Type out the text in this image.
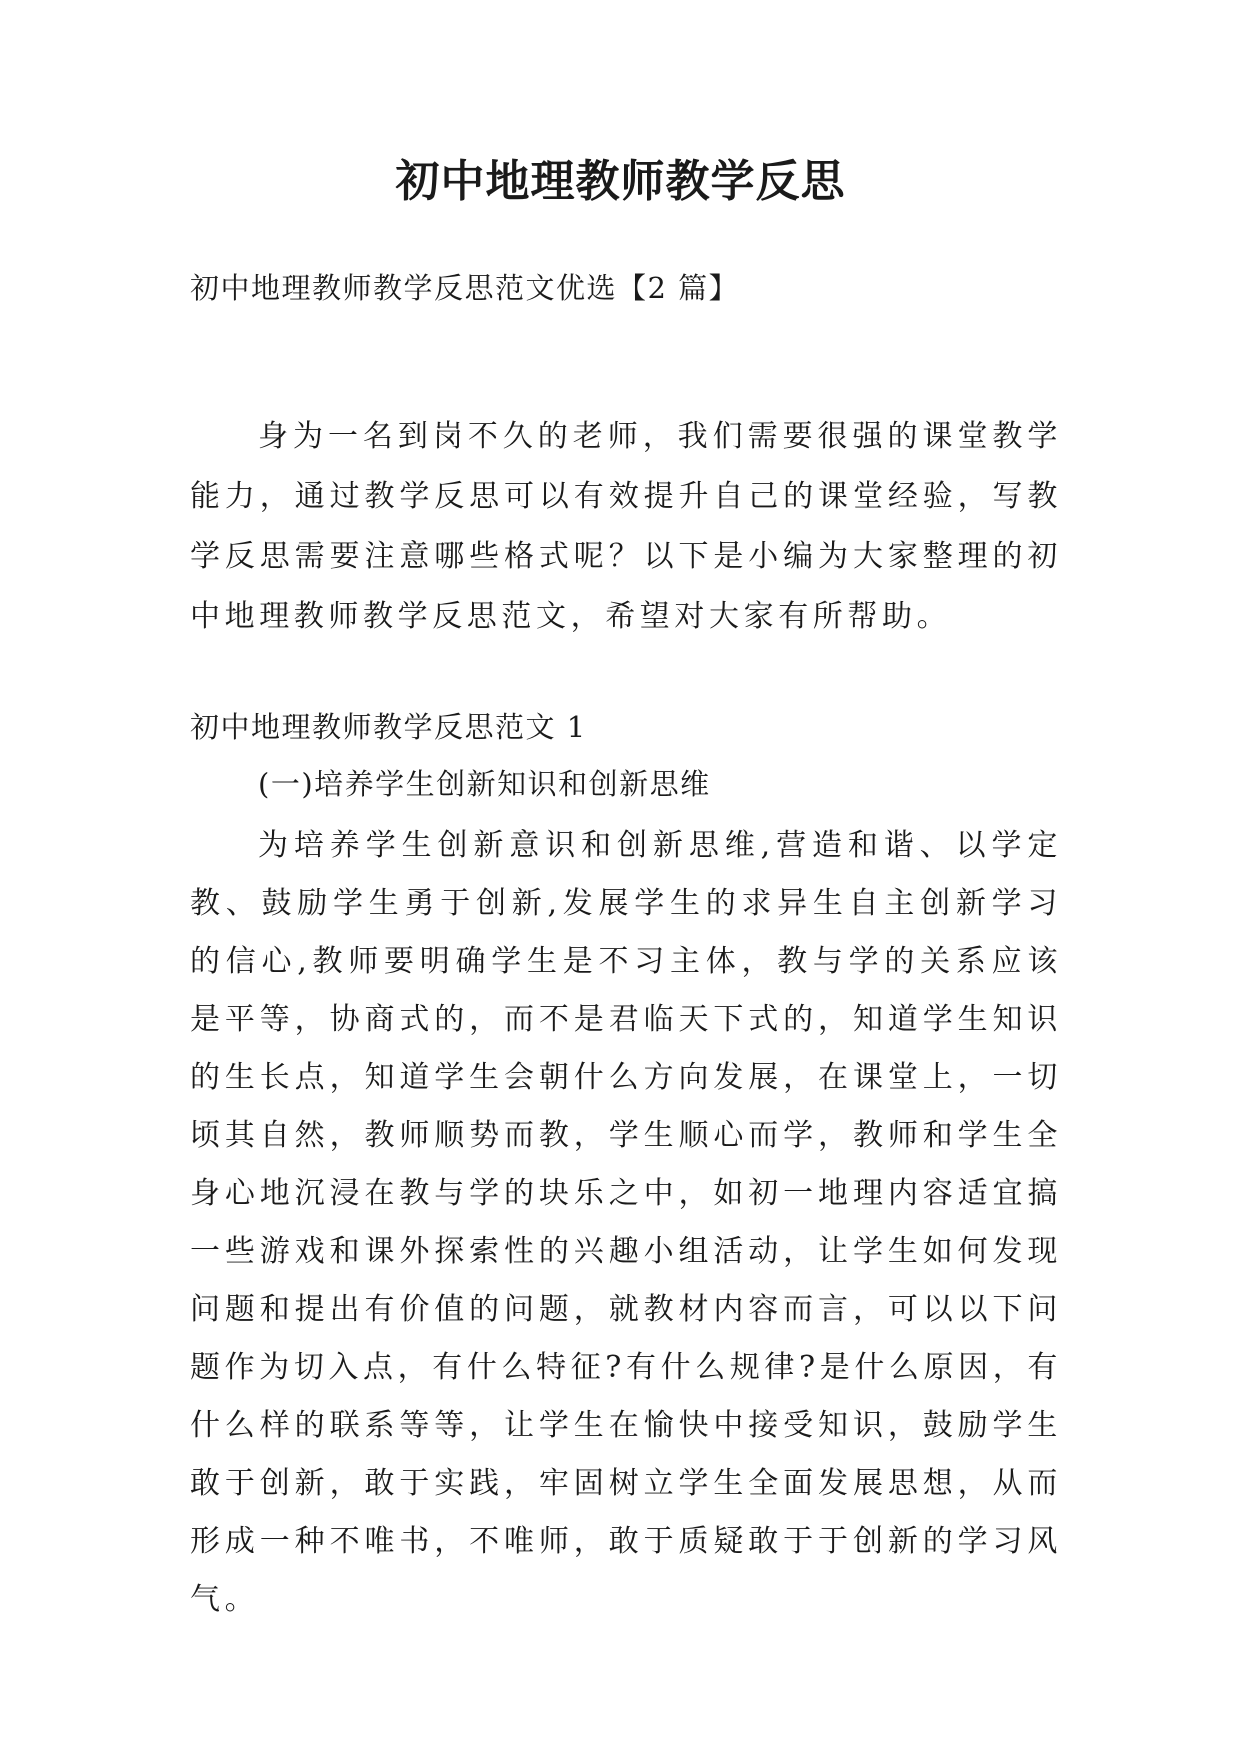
初中地理教师教学反思

初中地理教师教学反思范文优选【2 篇】

身为一名到岗不久的老师，我们需要很强的课堂教学能力，通过教学反思可以有效提升自己的课堂经验，写教学反思需要注意哪些格式呢？以下是小编为大家整理的初中地理教师教学反思范文，希望对大家有所帮助。

初中地理教师教学反思范文 1

(一)培养学生创新知识和创新思维

为培养学生创新意识和创新思维,营造和谐、以学定教、鼓励学生勇于创新,发展学生的求异生自主创新学习的信心,教师要明确学生是不习主体，教与学的关系应该是平等，协商式的，而不是君临天下式的，知道学生知识的生长点，知道学生会朝什么方向发展，在课堂上，一切顷其自然，教师顺势而教，学生顺心而学，教师和学生全身心地沉浸在教与学的块乐之中，如初一地理内容适宜搞一些游戏和课外探索性的兴趣小组活动，让学生如何发现问题和提出有价值的问题，就教材内容而言，可以以下问题作为切入点，有什么特征?有什么规律?是什么原因，有什么样的联系等等，让学生在愉快中接受知识，鼓励学生敢于创新，敢于实践，牢固树立学生全面发展思想，从而形成一种不唯书，不唯师，敢于质疑敢于于创新的学习风气。
